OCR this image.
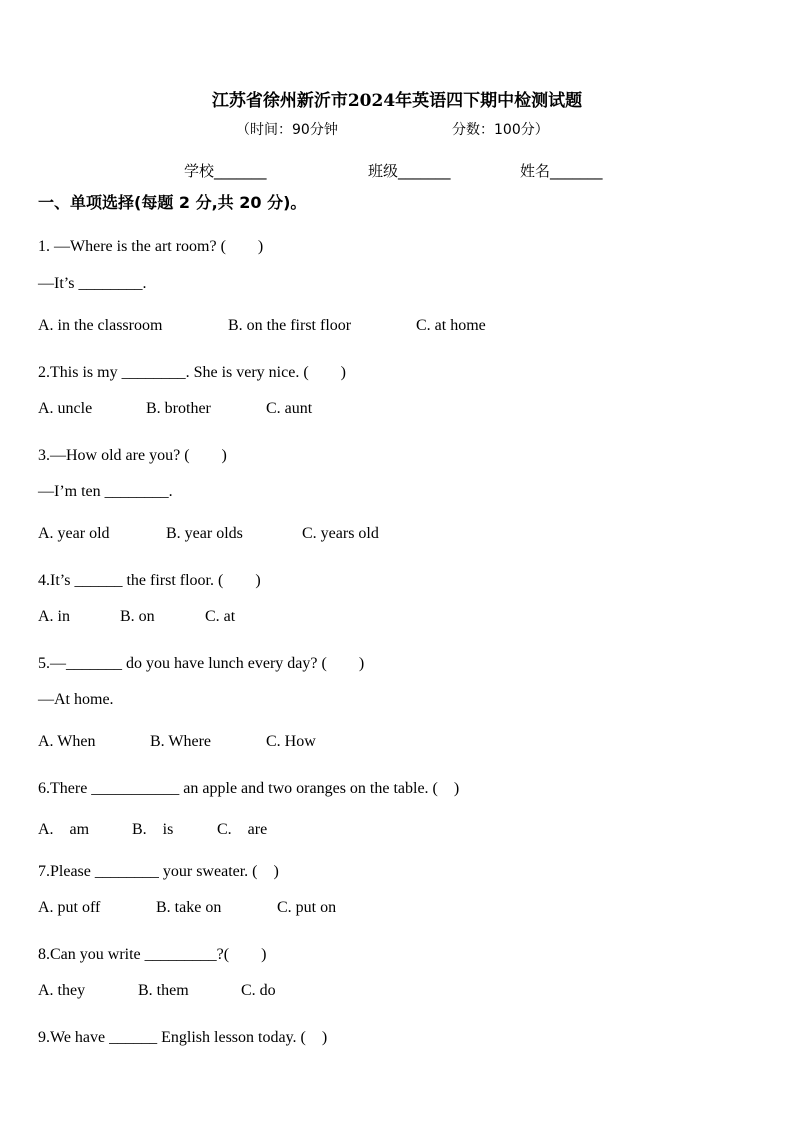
江苏省徐州新沂市2024年英语四下期中检测试题
（时间：90分钟	分数：100分）
学校_______	班级_______	姓名_______
一、单项选择(每题 2 分,共 20 分)。
1. —Where is the art room? (　　)
—It’s ________.
A. in the classroom	B. on the first floor	C. at home
2.This is my ________. She is very nice. (　　)
A. uncle	B. brother	C. aunt
3.—How old are you? (　　)
—I’m ten ________.
A. year old	B. year olds	C. years old
4.It’s ______ the first floor. (　　)
A. in	B. on	C. at
5.—_______ do you have lunch every day? (　　)
—At home.
A. When	B. Where	C. How
6.There ___________ an apple and two oranges on the table. (　)
A.　am	B.　is	C.　are
7.Please ________ your sweater. (　)
A. put off	B. take on	C. put on
8.Can you write _________?(　　)
A. they	B. them	C. do
9.We have ______ English lesson today. (　)
